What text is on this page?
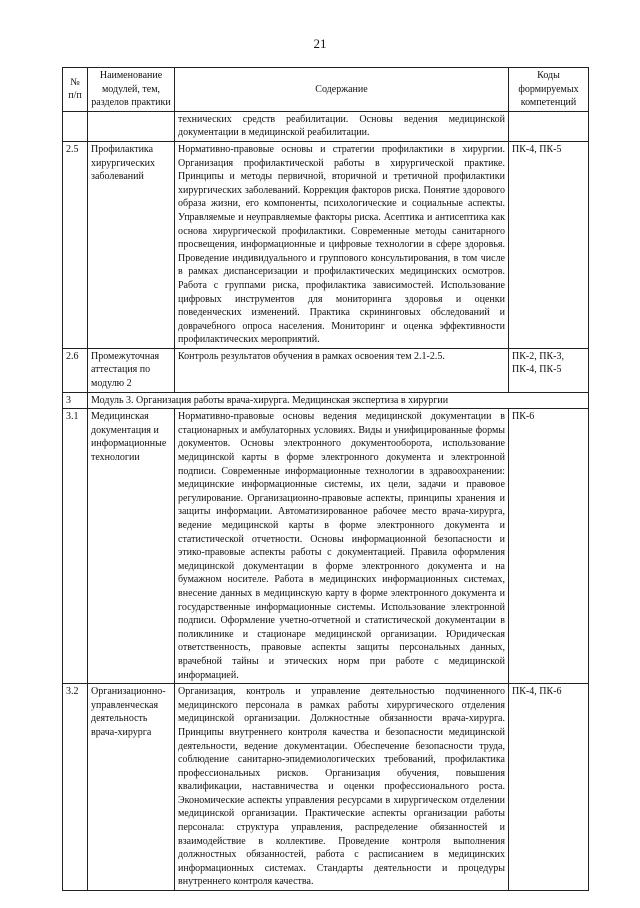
21
№ п/п	Наименование модулей, тем, разделов практики	Содержание	Коды формируемых компетенций
		технических средств реабилитации. Основы ведения медицинской документации в медицинской реабилитации.	
2.5	Профилактика хирургических заболеваний	Нормативно-правовые основы и стратегии профилактики в хирургии. Организация профилактической работы в хирургической практике. Принципы и методы первичной, вторичной и третичной профилактики хирургических заболеваний. Коррекция факторов риска. Понятие здорового образа жизни, его компоненты, психологические и социальные аспекты. Управляемые и неуправляемые факторы риска. Асептика и антисептика как основа хирургической профилактики. Современные методы санитарного просвещения, информационные и цифровые технологии в сфере здоровья. Проведение индивидуального и группового консультирования, в том числе в рамках диспансеризации и профилактических медицинских осмотров. Работа с группами риска, профилактика зависимостей. Использование цифровых инструментов для мониторинга здоровья и оценки поведенческих изменений. Практика скрининговых обследований и доврачебного опроса населения. Мониторинг и оценка эффективности профилактических мероприятий.	ПК-4, ПК-5
2.6	Промежуточная аттестация по модулю 2	Контроль результатов обучения в рамках освоения тем 2.1-2.5.	ПК-2, ПК-3, ПК-4, ПК-5
3	Модуль 3. Организация работы врача-хирурга. Медицинская экспертиза в хирургии		
3.1	Медицинская документация и информационные технологии	Нормативно-правовые основы ведения медицинской документации в стационарных и амбулаторных условиях. Виды и унифицированные формы документов. Основы электронного документооборота, использование медицинской карты в форме электронного документа и электронной подписи. Современные информационные технологии в здравоохранении: медицинские информационные системы, их цели, задачи и правовое регулирование. Организационно-правовые аспекты, принципы хранения и защиты информации. Автоматизированное рабочее место врача-хирурга, ведение медицинской карты в форме электронного документа и статистической отчетности. Основы информационной безопасности и этико-правовые аспекты работы с документацией. Правила оформления медицинской документации в форме электронного документа и на бумажном носителе. Работа в медицинских информационных системах, внесение данных в медицинскую карту в форме электронного документа и государственные информационные системы. Использование электронной подписи. Оформление учетно-отчетной и статистической документации в поликлинике и стационаре медицинской организации. Юридическая ответственность, правовые аспекты защиты персональных данных, врачебной тайны и этических норм при работе с медицинской информацией.	ПК-6
3.2	Организационно-управленческая деятельность врача-хирурга	Организация, контроль и управление деятельностью подчиненного медицинского персонала в рамках работы хирургического отделения медицинской организации. Должностные обязанности врача-хирурга. Принципы внутреннего контроля качества и безопасности медицинской деятельности, ведение документации. Обеспечение безопасности труда, соблюдение санитарно-эпидемиологических требований, профилактика профессиональных рисков. Организация обучения, повышения квалификации, наставничества и оценки профессионального роста. Экономические аспекты управления ресурсами в хирургическом отделении медицинской организации. Практические аспекты организации работы персонала: структура управления, распределение обязанностей и взаимодействие в коллективе. Проведение контроля выполнения должностных обязанностей, работа с расписанием в медицинских информационных системах. Стандарты деятельности и процедуры внутреннего контроля качества.	ПК-4, ПК-6
